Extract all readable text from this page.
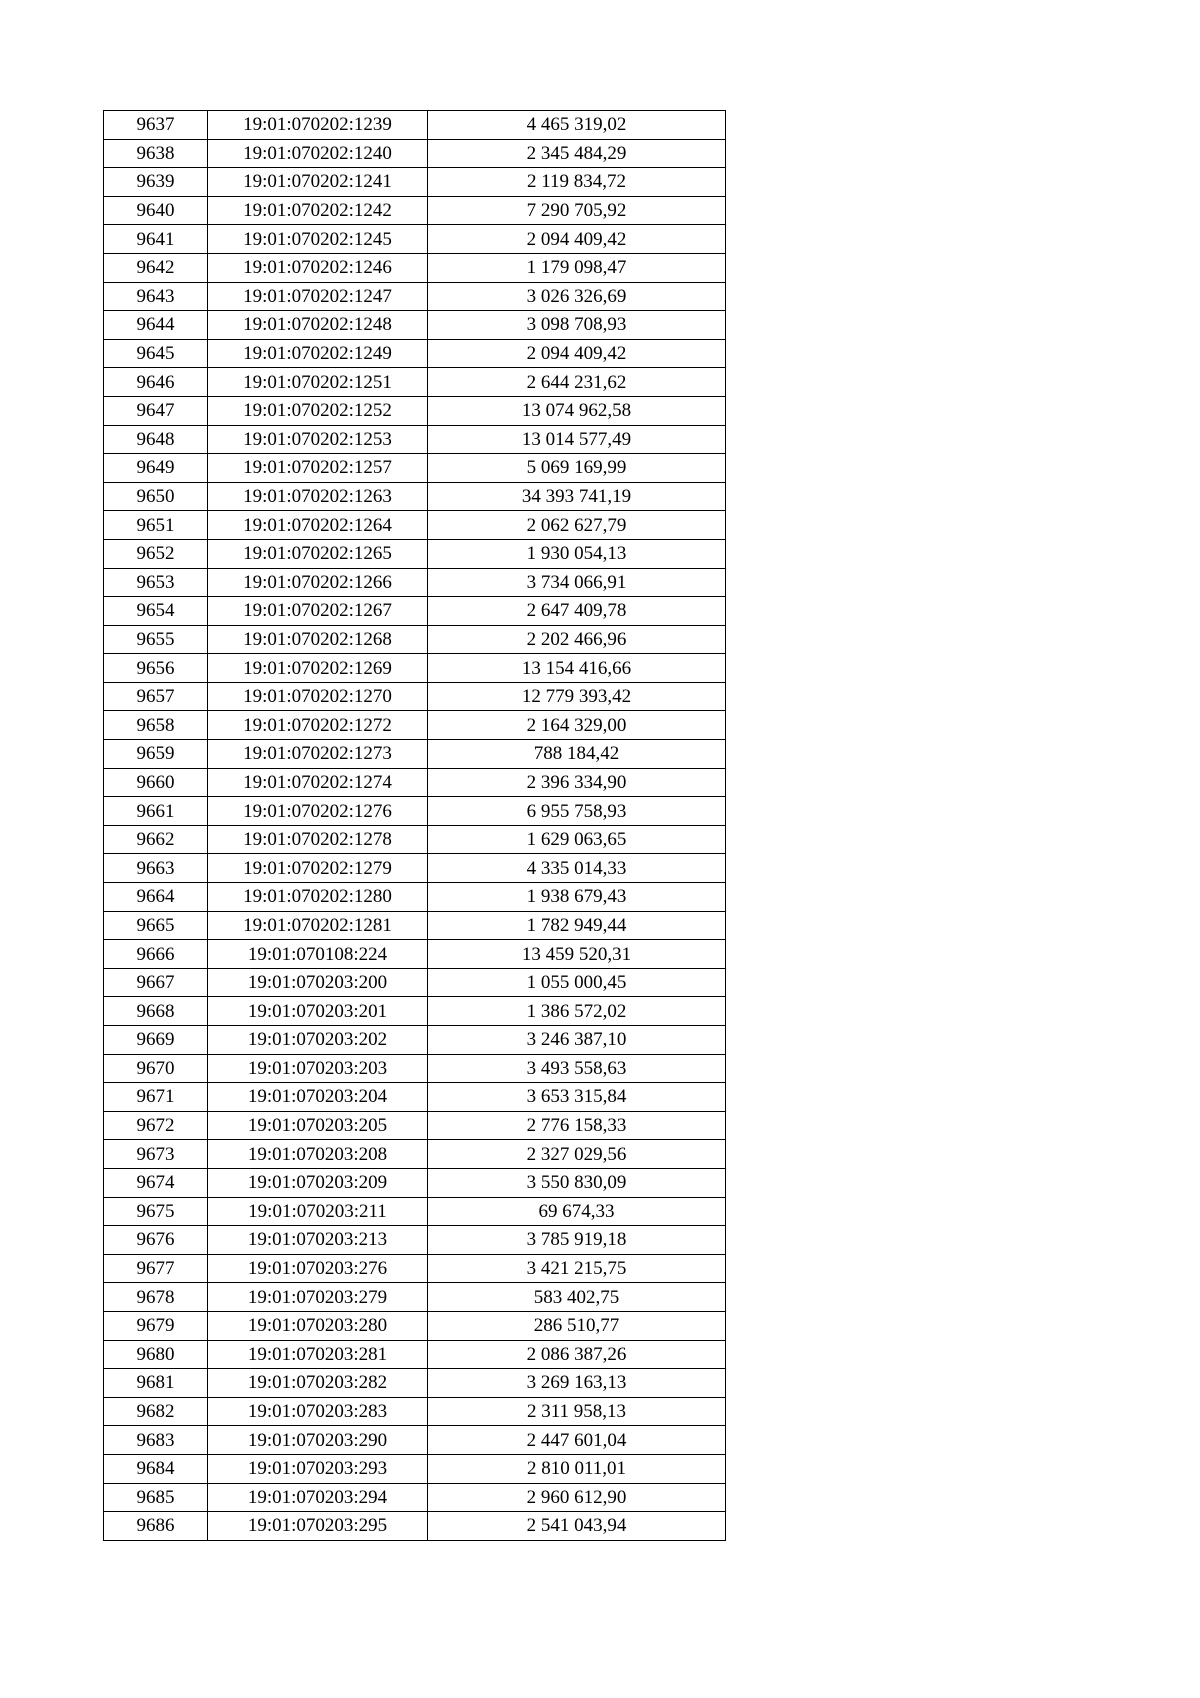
9637	19:01:070202:1239	4 465 319,02
9638	19:01:070202:1240	2 345 484,29
9639	19:01:070202:1241	2 119 834,72
9640	19:01:070202:1242	7 290 705,92
9641	19:01:070202:1245	2 094 409,42
9642	19:01:070202:1246	1 179 098,47
9643	19:01:070202:1247	3 026 326,69
9644	19:01:070202:1248	3 098 708,93
9645	19:01:070202:1249	2 094 409,42
9646	19:01:070202:1251	2 644 231,62
9647	19:01:070202:1252	13 074 962,58
9648	19:01:070202:1253	13 014 577,49
9649	19:01:070202:1257	5 069 169,99
9650	19:01:070202:1263	34 393 741,19
9651	19:01:070202:1264	2 062 627,79
9652	19:01:070202:1265	1 930 054,13
9653	19:01:070202:1266	3 734 066,91
9654	19:01:070202:1267	2 647 409,78
9655	19:01:070202:1268	2 202 466,96
9656	19:01:070202:1269	13 154 416,66
9657	19:01:070202:1270	12 779 393,42
9658	19:01:070202:1272	2 164 329,00
9659	19:01:070202:1273	788 184,42
9660	19:01:070202:1274	2 396 334,90
9661	19:01:070202:1276	6 955 758,93
9662	19:01:070202:1278	1 629 063,65
9663	19:01:070202:1279	4 335 014,33
9664	19:01:070202:1280	1 938 679,43
9665	19:01:070202:1281	1 782 949,44
9666	19:01:070108:224	13 459 520,31
9667	19:01:070203:200	1 055 000,45
9668	19:01:070203:201	1 386 572,02
9669	19:01:070203:202	3 246 387,10
9670	19:01:070203:203	3 493 558,63
9671	19:01:070203:204	3 653 315,84
9672	19:01:070203:205	2 776 158,33
9673	19:01:070203:208	2 327 029,56
9674	19:01:070203:209	3 550 830,09
9675	19:01:070203:211	69 674,33
9676	19:01:070203:213	3 785 919,18
9677	19:01:070203:276	3 421 215,75
9678	19:01:070203:279	583 402,75
9679	19:01:070203:280	286 510,77
9680	19:01:070203:281	2 086 387,26
9681	19:01:070203:282	3 269 163,13
9682	19:01:070203:283	2 311 958,13
9683	19:01:070203:290	2 447 601,04
9684	19:01:070203:293	2 810 011,01
9685	19:01:070203:294	2 960 612,90
9686	19:01:070203:295	2 541 043,94
